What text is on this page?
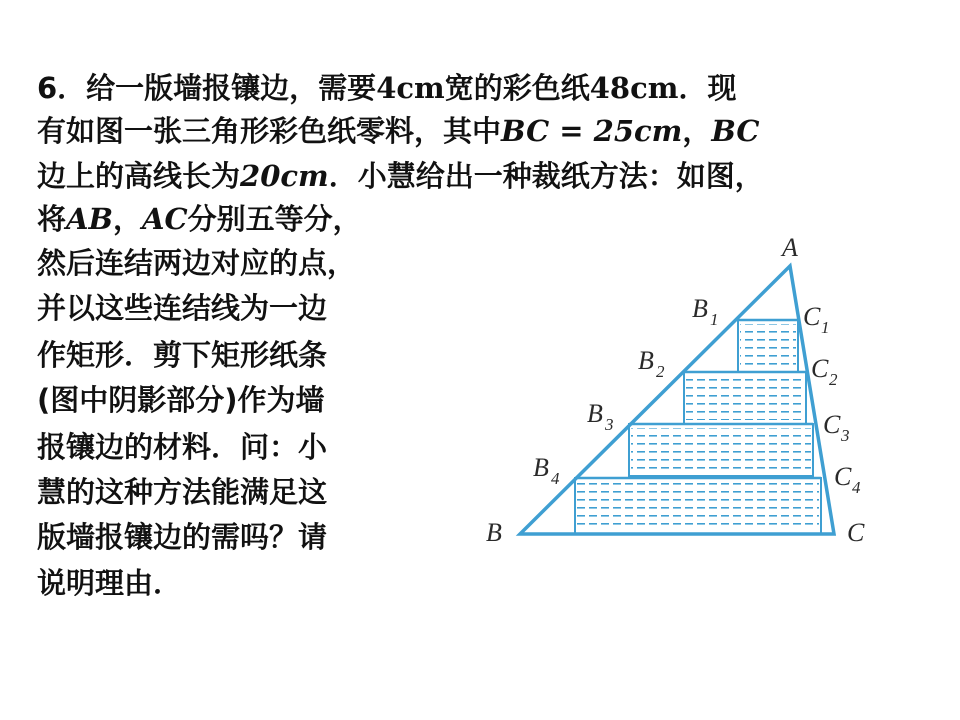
6．给一版墙报镶边，需要4cm宽的彩色纸48cm．现
有如图一张三角形彩色纸零料，其中BC = 25cm，BC
边上的高线长为20cm．小慧给出一种裁纸方法：如图，
将AB，AC分别五等分，
然后连结两边对应的点，
并以这些连结线为一边
作矩形．剪下矩形纸条
(图中阴影部分)作为墙
报镶边的材料．问：小
慧的这种方法能满足这
版墙报镶边的需吗？请
说明理由．
A
B	C
B 1
B 2
B 3
B 4
C 1
C 2
C 3
C 4
